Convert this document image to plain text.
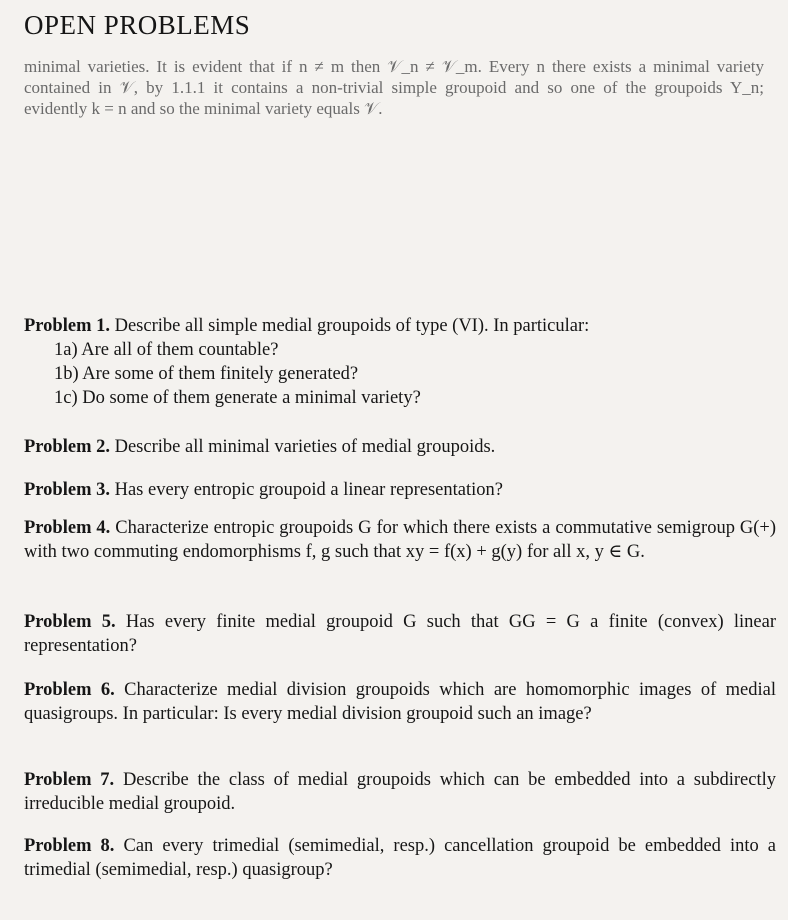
OPEN PROBLEMS

minimal varieties. It is evident that if n ≠ m then 𝒱_n ≠ 𝒱_m. Every n there exists a minimal variety contained in 𝒱, by 1.1.1 it contains a non-trivial simple groupoid and so one of the groupoids Y_n; evidently k = n and so the minimal variety equals 𝒱.

Problem 1. Describe all simple medial groupoids of type (VI). In particular:
1a) Are all of them countable?
1b) Are some of them finitely generated?
1c) Do some of them generate a minimal variety?
Problem 2. Describe all minimal varieties of medial groupoids.
Problem 3. Has every entropic groupoid a linear representation?
Problem 4. Characterize entropic groupoids G for which there exists a commutative semigroup G(+) with two commuting endomorphisms f, g such that xy = f(x) + g(y) for all x, y ∈ G.
Problem 5. Has every finite medial groupoid G such that GG = G a finite (convex) linear representation?
Problem 6. Characterize medial division groupoids which are homomorphic images of medial quasigroups. In particular: Is every medial division groupoid such an image?
Problem 7. Describe the class of medial groupoids which can be embedded into a subdirectly irreducible medial groupoid.
Problem 8. Can every trimedial (semimedial, resp.) cancellation groupoid be embedded into a trimedial (semimedial, resp.) quasigroup?
